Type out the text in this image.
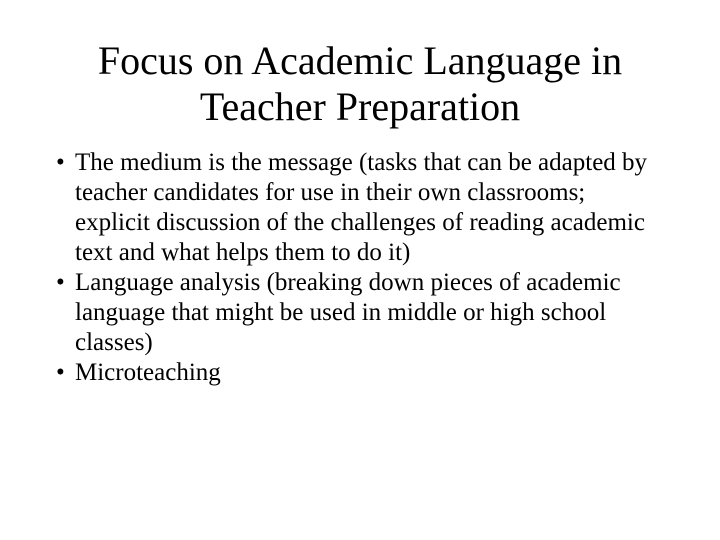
Focus on Academic Language in Teacher Preparation
• The medium is the message (tasks that can be adapted by teacher candidates for use in their own classrooms; explicit discussion of the challenges of reading academic text and what helps them to do it)
• Language analysis (breaking down pieces of academic language that might be used in middle or high school classes)
• Microteaching
